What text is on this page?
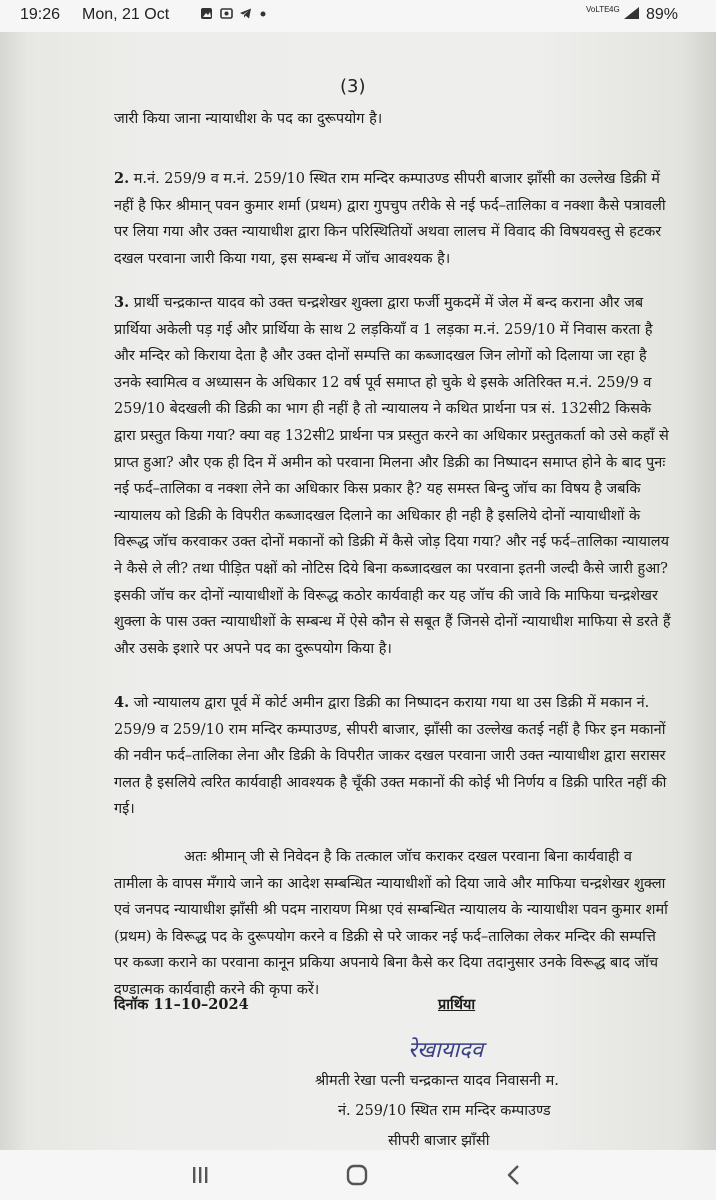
19:26 Mon, 21 Oct
	VoLTE 4G 89%
(3)
जारी किया जाना न्यायाधीश के पद का दुरूपयोग है।
2. म.नं. 259/9 व म.नं. 259/10 स्थित राम मन्दिर कम्पाउण्ड सीपरी बाजार झाँसी का उल्लेख डिक्री में नहीं है फिर श्रीमान् पवन कुमार शर्मा (प्रथम) द्वारा गुपचुप तरीके से नई फर्द–तालिका व नक्शा कैसे पत्रावली पर लिया गया और उक्त न्यायाधीश द्वारा किन परिस्थितियों अथवा लालच में विवाद की विषयवस्तु से हटकर दखल परवाना जारी किया गया, इस सम्बन्ध में जॉच आवश्यक है।
3. प्रार्थी चन्द्रकान्त यादव को उक्त चन्द्रशेखर शुक्ला द्वारा फर्जी मुकदमें में जेल में बन्द कराना और जब प्रार्थिया अकेली पड़ गई और प्रार्थिया के साथ 2 लड़कियाँ व 1 लड़का म.नं. 259/10 में निवास करता है और मन्दिर को किराया देता है और उक्त दोनों सम्पत्ति का कब्जादखल जिन लोगों को दिलाया जा रहा है उनके स्वामित्व व अध्यासन के अधिकार 12 वर्ष पूर्व समाप्त हो चुके थे इसके अतिरिक्त म.नं. 259/9 व 259/10 बेदखली की डिक्री का भाग ही नहीं है तो न्यायालय ने कथित प्रार्थना पत्र सं. 132सी2 किसके द्वारा प्रस्तुत किया गया? क्या वह 132सी2 प्रार्थना पत्र प्रस्तुत करने का अधिकार प्रस्तुतकर्ता को उसे कहाँ से प्राप्त हुआ? और एक ही दिन में अमीन को परवाना मिलना और डिक्री का निष्पादन समाप्त होने के बाद पुनः नई फर्द–तालिका व नक्शा लेने का अधिकार किस प्रकार है? यह समस्त बिन्दु जॉच का विषय है जबकि न्यायालय को डिक्री के विपरीत कब्जादखल दिलाने का अधिकार ही नही है इसलिये दोनों न्यायाधीशों के विरूद्ध जॉच करवाकर उक्त दोनों मकानों को डिक्री में कैसे जोड़ दिया गया? और नई फर्द–तालिका न्यायालय ने कैसे ले ली? तथा पीड़ित पक्षों को नोटिस दिये बिना कब्जादखल का परवाना इतनी जल्दी कैसे जारी हुआ? इसकी जॉच कर दोनों न्यायाधीशों के विरूद्ध कठोर कार्यवाही कर यह जॉच की जावे कि माफिया चन्द्रशेखर शुक्ला के पास उक्त न्यायाधीशों के सम्बन्ध में ऐसे कौन से सबूत हैं जिनसे दोनों न्यायाधीश माफिया से डरते हैं और उसके इशारे पर अपने पद का दुरूपयोग किया है।
4. जो न्यायालय द्वारा पूर्व में कोर्ट अमीन द्वारा डिक्री का निष्पादन कराया गया था उस डिक्री में मकान नं. 259/9 व 259/10 राम मन्दिर कम्पाउण्ड, सीपरी बाजार, झाँसी का उल्लेख कतई नहीं है फिर इन मकानों की नवीन फर्द–तालिका लेना और डिक्री के विपरीत जाकर दखल परवाना जारी उक्त न्यायाधीश द्वारा सरासर गलत है इसलिये त्वरित कार्यवाही आवश्यक है चूँकी उक्त मकानों की कोई भी निर्णय व डिक्री पारित नहीं की गई।
अतः श्रीमान् जी से निवेदन है कि तत्काल जॉच कराकर दखल परवाना बिना कार्यवाही व तामीला के वापस मँगाये जाने का आदेश सम्बन्धित न्यायाधीशों को दिया जावे और माफिया चन्द्रशेखर शुक्ला एवं जनपद न्यायाधीश झाँसी श्री पदम नारायण मिश्रा एवं सम्बन्धित न्यायालय के न्यायाधीश पवन कुमार शर्मा (प्रथम) के विरूद्ध पद के दुरूपयोग करने व डिक्री से परे जाकर नई फर्द–तालिका लेकर मन्दिर की सम्पत्ति पर कब्जा कराने का परवाना कानून प्रकिया अपनाये बिना कैसे कर दिया तदानुसार उनके विरूद्ध बाद जॉच दण्डात्मक कार्यवाही करने की कृपा करें।
दिनॉक 11–10–2024	प्रार्थिया
रेखायादव
श्रीमती रेखा पत्नी चन्द्रकान्त यादव निवासनी म.
नं. 259/10 स्थित राम मन्दिर कम्पाउण्ड
सीपरी बाजार झाँसी
